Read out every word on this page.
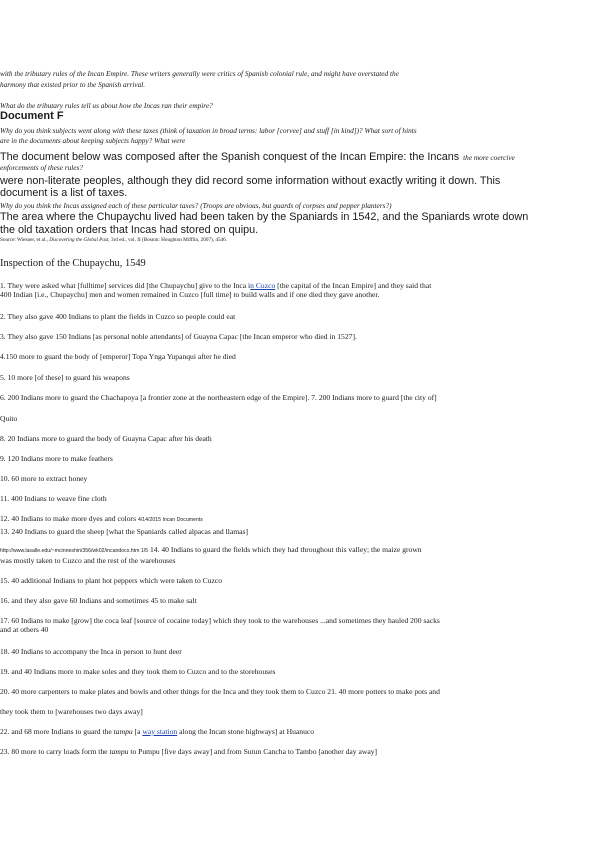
with the tributary rules of the Incan Empire. These writers generally were critics of Spanish colonial rule, and might have overstated the
harmony that existed prior to the Spanish arrival.
What do the tributary rules tell us about how the Incas ran their empire?
Document F
Why do you think subjects went along with these taxes (think of taxation in broad terms: labor [corvee] and stuff [in kind])? What sort of hints
are in the documents about keeping subjects happy? What were
The document below was composed after the Spanish conquest of the Incan Empire: the Incans the more coercive
enforcements of these rules?
were non-literate peoples, although they did record some information without exactly writing it down. This
document is a list of taxes.
Why do you think the Incas assigned each of these particular taxes? (Troops are obvious, but guards of corpses and pepper planters?)
The area where the Chupaychu lived had been taken by the Spaniards in 1542, and the Spaniards wrote down
the old taxation orders that Incas had stored on quipu.
Source: Wiesner, et al., Discovering the Global Past, 3rd ed., vol. II (Boston: Houghton Mifflin, 2007), 4546.
Inspection of the Chupaychu, 1549
1. They were asked what [fulltime] services did [the Chupaychu] give to the Inca in Cuzco [the capital of the Incan Empire] and they said that
400 Indian [i.e., Chupaychu] men and women remained in Cuzco [full time] to build walls and if one died they gave another.
2. They also gave 400 Indians to plant the fields in Cuzco so people could eat
3. They also gave 150 Indians [as personal noble attendants] of Guayna Capac [the Incan emperor who died in 1527].
4.150 more to guard the body of [emperor] Topa Ynga Yupanqui after he died
5. 10 more [of these] to guard his weapons
6. 200 Indians more to guard the Chachapoya [a frontier zone at the northeastern edge of the Empire]. 7. 200 Indians more to guard [the city of]
Quito
8. 20 Indians more to guard the body of Guayna Capac after his death
9. 120 Indians more to make feathers
10. 60 more to extract honey
11. 400 Indians to weave fine cloth
12. 40 Indians to make more dyes and colors 4/14/2015 Incan Documents
13. 240 Indians to guard the sheep [what the Spaniards called alpacas and llamas]
http://www.lasalle.edu/~mcinneshin/356/wk02/incandocs.htm 1/5 14. 40 Indians to guard the fields which they had throughout this valley; the maize grown
was mostly taken to Cuzco and the rest of the warehouses
15. 40 additional Indians to plant hot peppers which were taken to Cuzco
16. and they also gave 60 Indians and sometimes 45 to make salt
17. 60 Indians to make [grow] the coca leaf [source of cocaine today] which they took to the warehouses ...and sometimes they hauled 200 sacks
and at others 40
18. 40 Indians to accompany the Inca in person to hunt deer
19. and 40 Indians more to make soles and they took them to Cuzco and to the storehouses
20. 40 more carpenters to make plates and bowls and other things for the Inca and they took them to Cuzco 21. 40 more potters to make pots and
they took them to [warehouses two days away]
22. and 68 more Indians to guard the tampu [a way station along the Incan stone highways] at Huanuco
23. 80 more to carry loads form the tampu to Pumpu [five days away] and from Sutun Cancha to Tambo [another day away]
